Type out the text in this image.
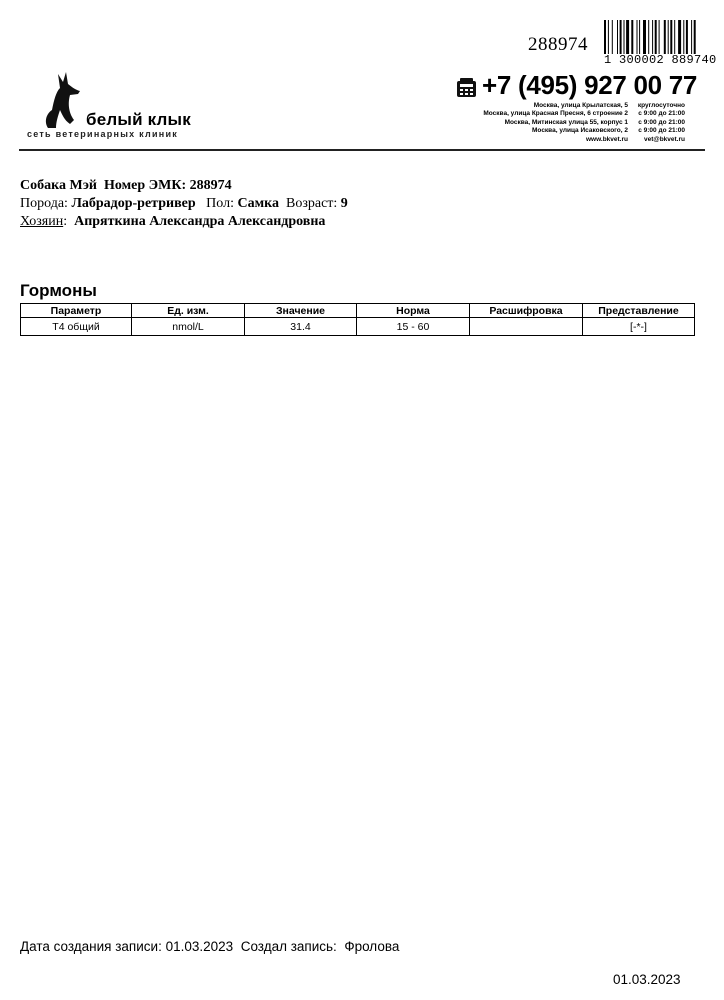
288974
1 300002 889740
белый клык
сеть ветеринарных клиник
+7 (495) 927 00 77
Москва, улица Крылатская, 5	круглосуточно
Москва, улица Красная Пресня, 6 строение 2	с 9:00 до 21:00
Москва, Митинская улица 55, корпус 1	с 9:00 до 21:00
Москва, улица Исаковского, 2	с 9:00 до 21:00
www.bkvet.ru	vet@bkvet.ru
Собака Мэй Номер ЭМК: 288974
Порода: Лабрадор-ретривер Пол: Самка Возраст: 9
Хозяин:  Апряткина Александра Александровна
Гормоны
Параметр	Ед. изм.	Значение	Норма	Расшифровка	Представление
Т4 общий	nmol/L	31.4	15 - 60		[-*-]
Дата создания записи: 01.03.2023 Создал запись: Фролова
01.03.2023
